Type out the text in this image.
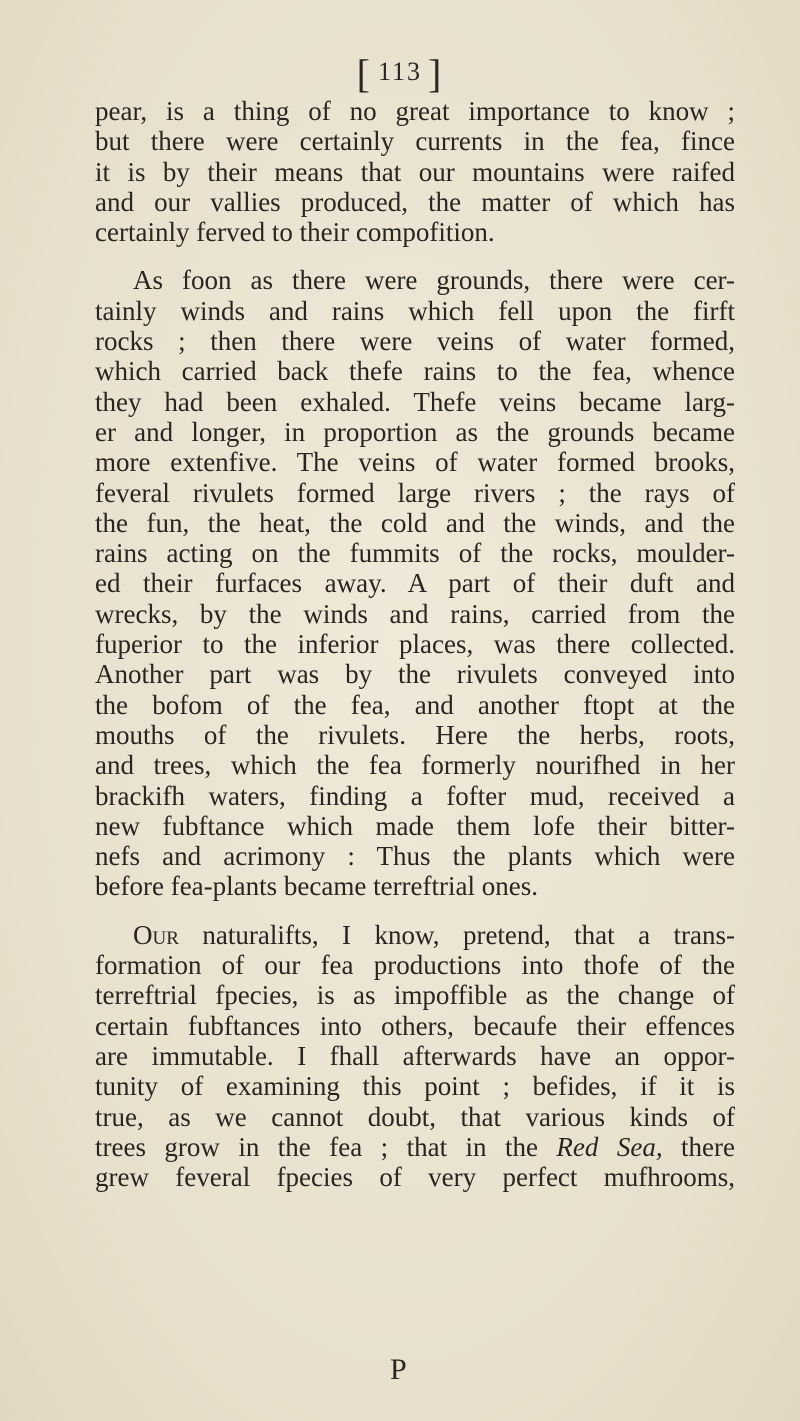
[ 113 ]
pear, is a thing of no great importance to know ;
but there were certainly currents in the fea, fince
it is by their means that our mountains were raifed
and our vallies produced, the matter of which has
certainly ferved to their compofition.
As foon as there were grounds, there were cer-
tainly winds and rains which fell upon the firft
rocks ; then there were veins of water formed,
which carried back thefe rains to the fea, whence
they had been exhaled. Thefe veins became larg-
er and longer, in proportion as the grounds became
more extenfive. The veins of water formed brooks,
feveral rivulets formed large rivers ; the rays of
the fun, the heat, the cold and the winds, and the
rains acting on the fummits of the rocks, moulder-
ed their furfaces away. A part of their duft and
wrecks, by the winds and rains, carried from the
fuperior to the inferior places, was there collected.
Another part was by the rivulets conveyed into
the bofom of the fea, and another ftopt at the
mouths of the rivulets. Here the herbs, roots,
and trees, which the fea formerly nourifhed in her
brackifh waters, finding a fofter mud, received a
new fubftance which made them lofe their bitter-
nefs and acrimony : Thus the plants which were
before fea-plants became terreftrial ones.
Our naturalifts, I know, pretend, that a trans-
formation of our fea productions into thofe of the
terreftrial fpecies, is as impoffible as the change of
certain fubftances into others, becaufe their effences
are immutable. I fhall afterwards have an oppor-
tunity of examining this point ; befides, if it is
true, as we cannot doubt, that various kinds of
trees grow in the fea ; that in the Red Sea, there
grew feveral fpecies of very perfect mufhrooms,
P
